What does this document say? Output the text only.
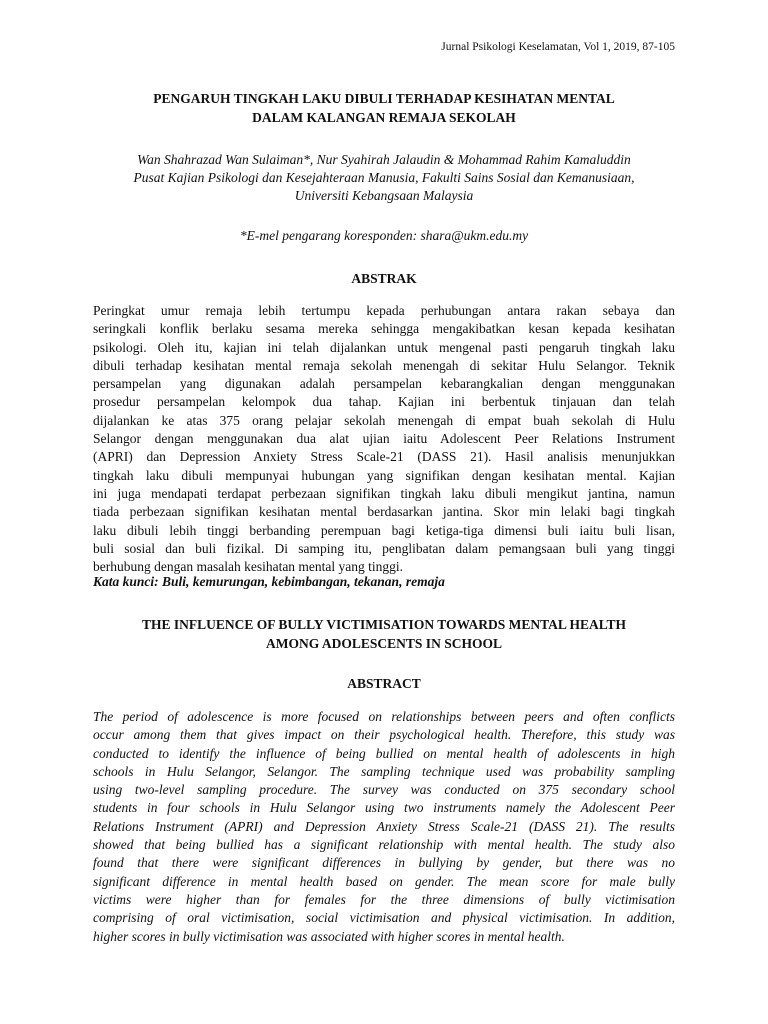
Jurnal Psikologi Keselamatan, Vol 1, 2019, 87-105
PENGARUH TINGKAH LAKU DIBULI TERHADAP KESIHATAN MENTAL
DALAM KALANGAN REMAJA SEKOLAH
Wan Shahrazad Wan Sulaiman*, Nur Syahirah Jalaudin & Mohammad Rahim Kamaluddin
Pusat Kajian Psikologi dan Kesejahteraan Manusia, Fakulti Sains Sosial dan Kemanusiaan,
Universiti Kebangsaan Malaysia
*E-mel pengarang koresponden: shara@ukm.edu.my
ABSTRAK
Peringkat umur remaja lebih tertumpu kepada perhubungan antara rakan sebaya dan
seringkali konflik berlaku sesama mereka sehingga mengakibatkan kesan kepada kesihatan
psikologi. Oleh itu, kajian ini telah dijalankan untuk mengenal pasti pengaruh tingkah laku
dibuli terhadap kesihatan mental remaja sekolah menengah di sekitar Hulu Selangor. Teknik
persampelan yang digunakan adalah persampelan kebarangkalian dengan menggunakan
prosedur persampelan kelompok dua tahap. Kajian ini berbentuk tinjauan dan telah
dijalankan ke atas 375 orang pelajar sekolah menengah di empat buah sekolah di Hulu
Selangor dengan menggunakan dua alat ujian iaitu Adolescent Peer Relations Instrument
(APRI) dan Depression Anxiety Stress Scale-21 (DASS 21). Hasil analisis menunjukkan
tingkah laku dibuli mempunyai hubungan yang signifikan dengan kesihatan mental. Kajian
ini juga mendapati terdapat perbezaan signifikan tingkah laku dibuli mengikut jantina, namun
tiada perbezaan signifikan kesihatan mental berdasarkan jantina. Skor min lelaki bagi tingkah
laku dibuli lebih tinggi berbanding perempuan bagi ketiga-tiga dimensi buli iaitu buli lisan,
buli sosial dan buli fizikal. Di samping itu, penglibatan dalam pemangsaan buli yang tinggi
berhubung dengan masalah kesihatan mental yang tinggi.
Kata kunci: Buli, kemurungan, kebimbangan, tekanan, remaja
THE INFLUENCE OF BULLY VICTIMISATION TOWARDS MENTAL HEALTH
AMONG ADOLESCENTS IN SCHOOL
ABSTRACT
The period of adolescence is more focused on relationships between peers and often conflicts
occur among them that gives impact on their psychological health. Therefore, this study was
conducted to identify the influence of being bullied on mental health of adolescents in high
schools in Hulu Selangor, Selangor. The sampling technique used was probability sampling
using two-level sampling procedure. The survey was conducted on 375 secondary school
students in four schools in Hulu Selangor using two instruments namely the Adolescent Peer
Relations Instrument (APRI) and Depression Anxiety Stress Scale-21 (DASS 21). The results
showed that being bullied has a significant relationship with mental health. The study also
found that there were significant differences in bullying by gender, but there was no
significant difference in mental health based on gender. The mean score for male bully
victims were higher than for females for the three dimensions of bully victimisation
comprising of oral victimisation, social victimisation and physical victimisation. In addition,
higher scores in bully victimisation was associated with higher scores in mental health.
